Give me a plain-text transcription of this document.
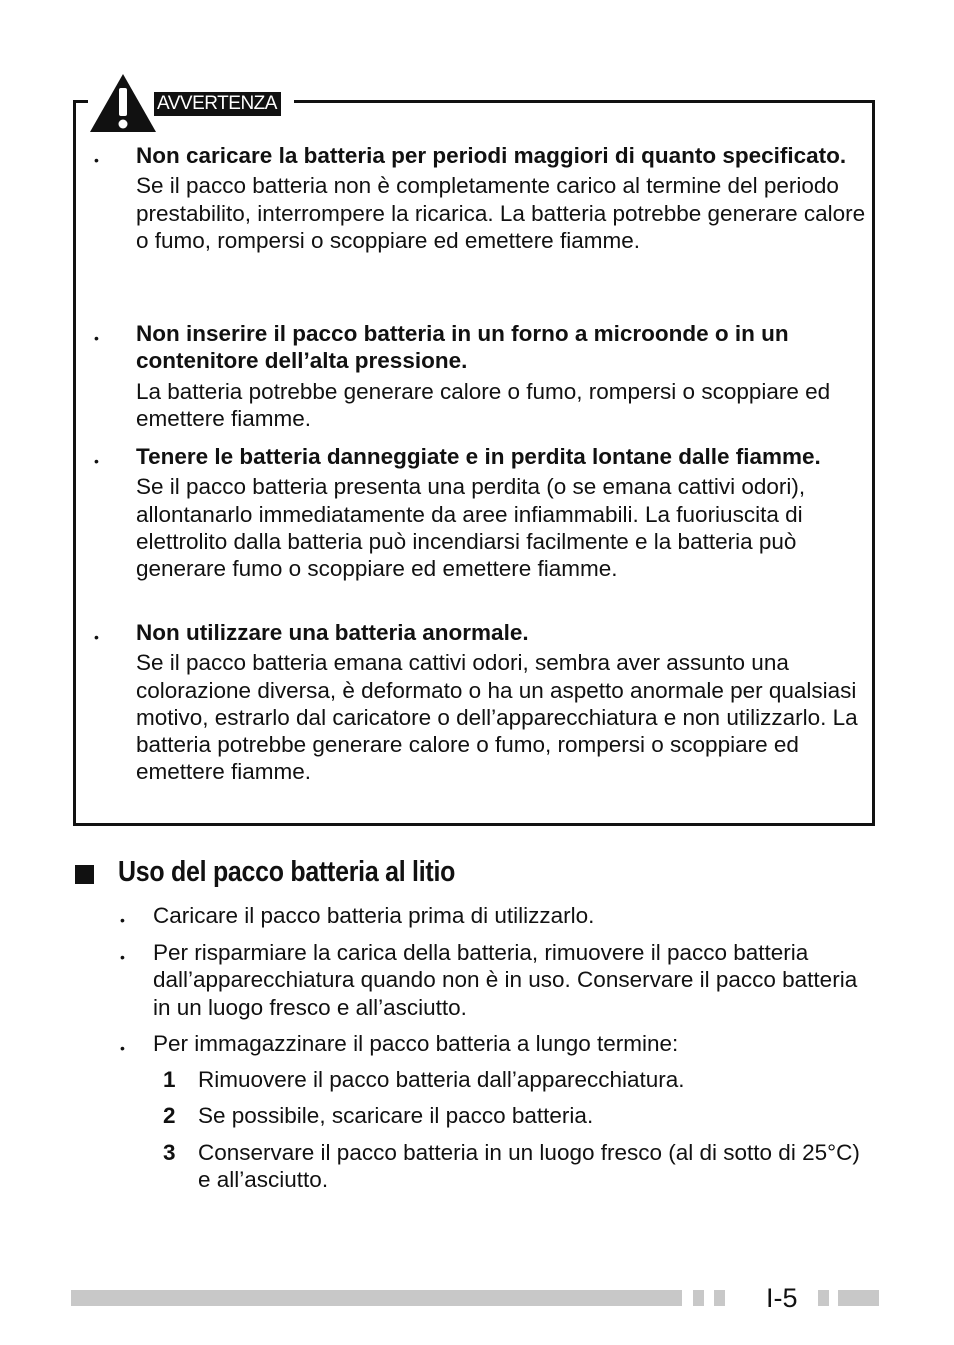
AVVERTENZA
• Non caricare la batteria per periodi maggiori di quanto specificato.
Se il pacco batteria non è completamente carico al termine del periodo prestabilito, interrompere la ricarica. La batteria potrebbe generare calore o fumo, rompersi o scoppiare ed emettere fiamme.
• Non inserire il pacco batteria in un forno a microonde o in un contenitore dell’alta pressione.
La batteria potrebbe generare calore o fumo, rompersi o scoppiare ed emettere fiamme.
• Tenere le batteria danneggiate e in perdita lontane dalle fiamme.
Se il pacco batteria presenta una perdita (o se emana cattivi odori), allontanarlo immediatamente da aree infiammabili. La fuoriuscita di elettrolito dalla batteria può incendiarsi facilmente e la batteria può generare fumo o scoppiare ed emettere fiamme.
• Non utilizzare una batteria anormale.
Se il pacco batteria emana cattivi odori, sembra aver assunto una colorazione diversa, è deformato o ha un aspetto anormale per qualsiasi motivo, estrarlo dal caricatore o dell’apparecchiatura e non utilizzarlo. La batteria potrebbe generare calore o fumo, rompersi o scoppiare ed emettere fiamme.
Uso del pacco batteria al litio
• Caricare il pacco batteria prima di utilizzarlo.
• Per risparmiare la carica della batteria, rimuovere il pacco batteria dall’apparecchiatura quando non è in uso. Conservare il pacco batteria in un luogo fresco e all’asciutto.
• Per immagazzinare il pacco batteria a lungo termine:
1 Rimuovere il pacco batteria dall’apparecchiatura.
2 Se possibile, scaricare il pacco batteria.
3 Conservare il pacco batteria in un luogo fresco (al di sotto di 25°C) e all’asciutto.
I-5
